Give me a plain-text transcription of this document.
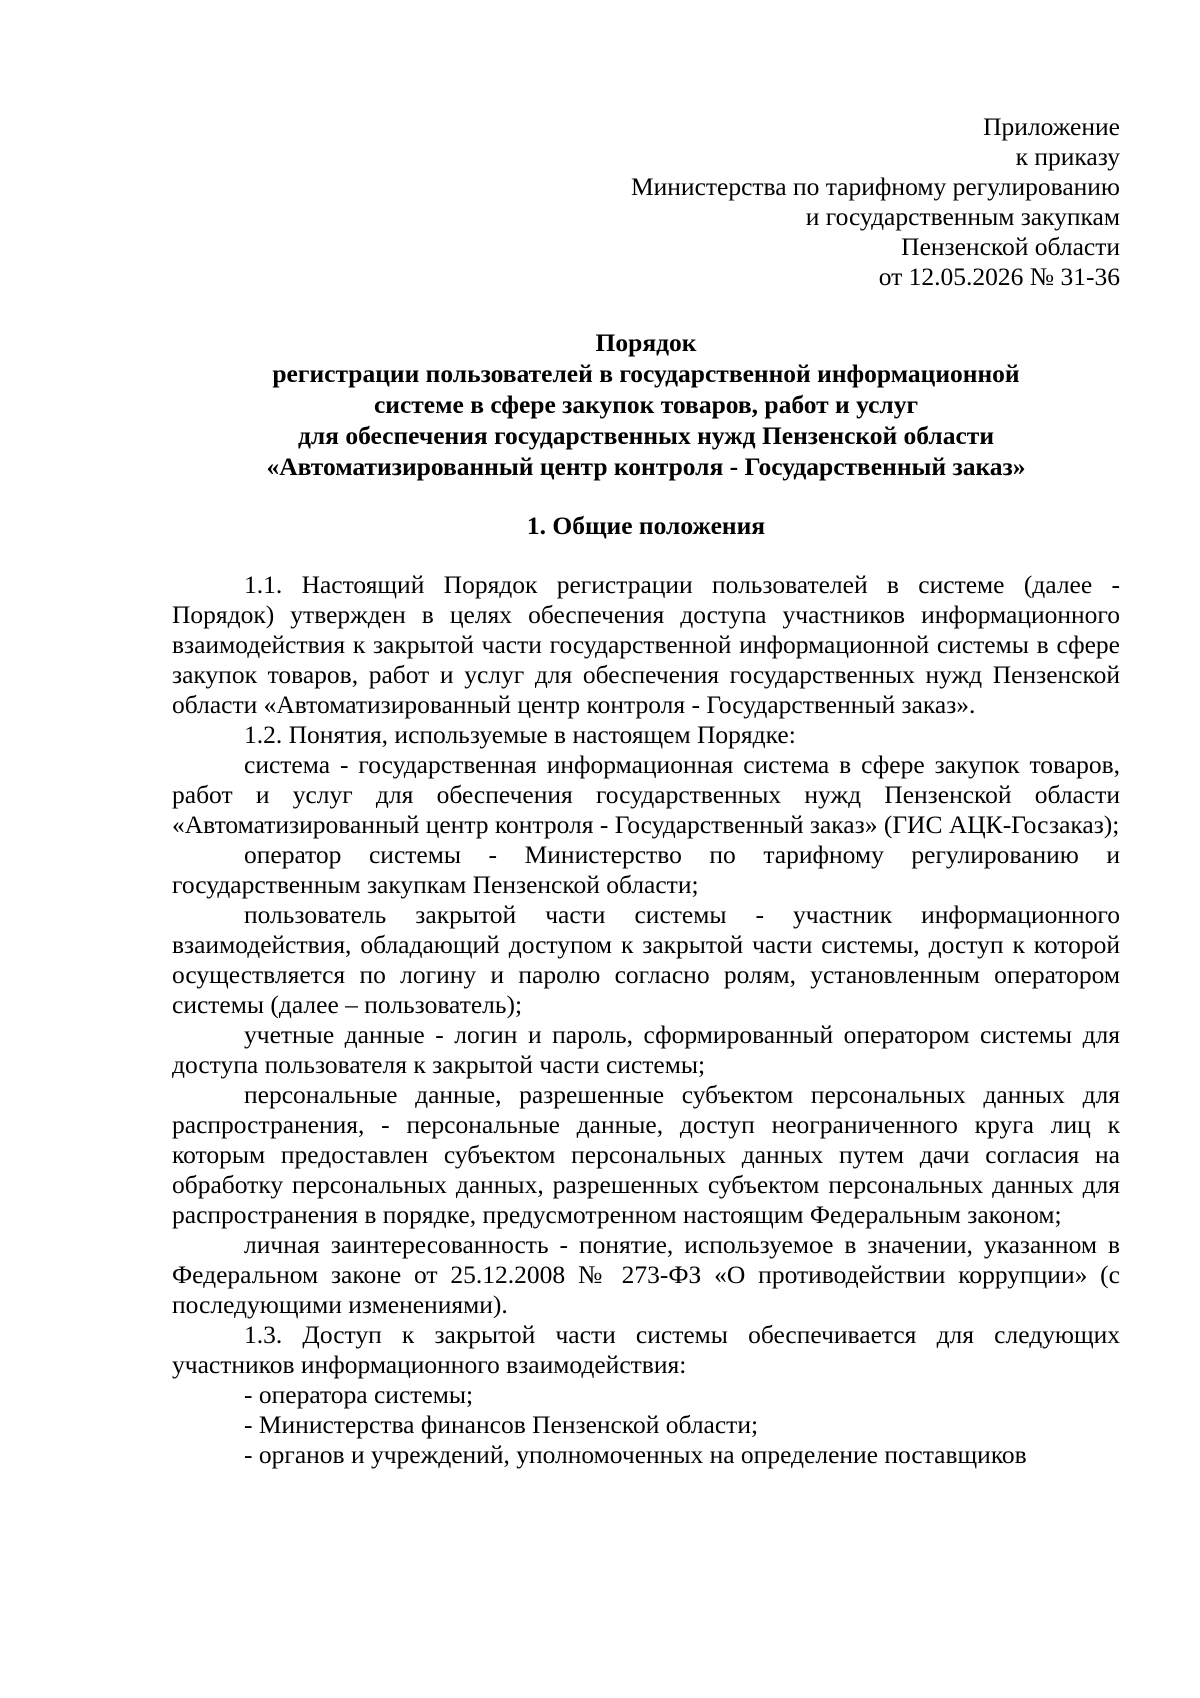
Приложение
к приказу
Министерства по тарифному регулированию
и государственным закупкам
Пензенской области
от 12.05.2026 № 31-36
Порядок
регистрации пользователей в государственной информационной
системе в сфере закупок товаров, работ и услуг
для обеспечения государственных нужд Пензенской области
«Автоматизированный центр контроля - Государственный заказ»
1. Общие положения

1.1. Настоящий Порядок регистрации пользователей в системе (далее - Порядок) утвержден в целях обеспечения доступа участников информационного взаимодействия к закрытой части государственной информационной системы в сфере закупок товаров, работ и услуг для обеспечения государственных нужд Пензенской области «Автоматизированный центр контроля - Государственный заказ».

1.2. Понятия, используемые в настоящем Порядке:

система - государственная информационная система в сфере закупок товаров, работ и услуг для обеспечения государственных нужд Пензенской области «Автоматизированный центр контроля - Государственный заказ» (ГИС АЦК-Госзаказ);

оператор системы - Министерство по тарифному регулированию и государственным закупкам Пензенской области;

пользователь закрытой части системы - участник информационного взаимодействия, обладающий доступом к закрытой части системы, доступ к которой осуществляется по логину и паролю согласно ролям, установленным оператором системы (далее – пользователь);

учетные данные - логин и пароль, сформированный оператором системы для доступа пользователя к закрытой части системы;

персональные данные, разрешенные субъектом персональных данных для распространения, - персональные данные, доступ неограниченного круга лиц к которым предоставлен субъектом персональных данных путем дачи согласия на обработку персональных данных, разрешенных субъектом персональных данных для распространения в порядке, предусмотренном настоящим Федеральным законом;

личная заинтересованность - понятие, используемое в значении, указанном в Федеральном законе от 25.12.2008 № 273-ФЗ «О противодействии коррупции» (с последующими изменениями).

1.3. Доступ к закрытой части системы обеспечивается для следующих участников информационного взаимодействия:

- оператора системы;

- Министерства финансов Пензенской области;

- органов и учреждений, уполномоченных на определение поставщиков
